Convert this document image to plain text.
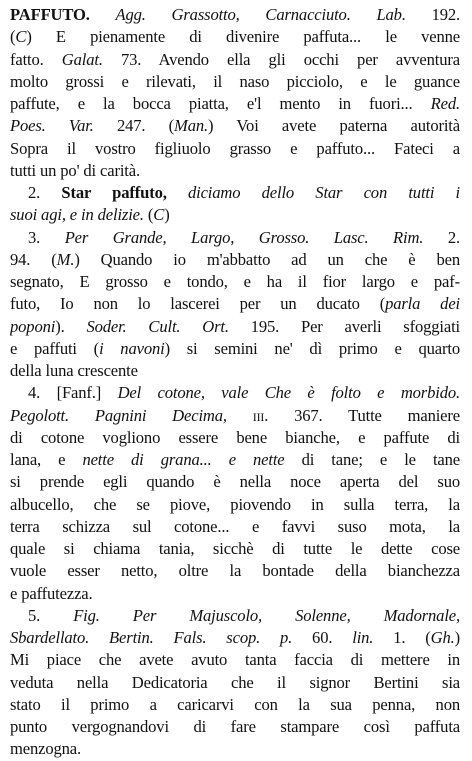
PAFFUTO. Agg. Grassotto, Carnacciuto. Lab. 192.
(C) E pienamente di divenire paffuta... le venne
fatto. Galat. 73. Avendo ella gli occhi per avventura
molto grossi e rilevati, il naso picciolo, e le guance
paffute, e la bocca piatta, e'l mento in fuori... Red.
Poes. Var. 247. (Man.) Voi avete paterna autorità
Sopra il vostro figliuolo grasso e paffuto... Fateci a
tutti un po' di carità.
2. Star paffuto, diciamo dello Star con tutti i
suoi agi, e in delizie. (C)
3. Per Grande, Largo, Grosso. Lasc. Rim. 2.
94. (M.) Quando io m'abbatto ad un che è ben
segnato, E grosso e tondo, e ha il fior largo e paf-
futo, Io non lo lascerei per un ducato (parla dei
poponi). Soder. Cult. Ort. 195. Per averli sfoggiati
e paffuti (i navoni) si semini ne' dì primo e quarto
della luna crescente
4. [Fanf.] Del cotone, vale Che è folto e morbido.
Pegolott. Pagnini Decima, iii. 367. Tutte maniere
di cotone vogliono essere bene bianche, e paffute di
lana, e nette di grana... e nette di tane; e le tane
si prende egli quando è nella noce aperta del suo
albucello, che se piove, piovendo in sulla terra, la
terra schizza sul cotone... e favvi suso mota, la
quale si chiama tania, sicchè di tutte le dette cose
vuole esser netto, oltre la bontade della bianchezza
e paffutezza.
5. Fig. Per Majuscolo, Solenne, Madornale,
Sbardellato. Bertin. Fals. scop. p. 60. lin. 1. (Gh.)
Mi piace che avete avuto tanta faccia di mettere in
veduta nella Dedicatoria che il signor Bertini sia
stato il primo a caricarvi con la sua penna, non
punto vergognandovi di fare stampare così paffuta
menzogna.
